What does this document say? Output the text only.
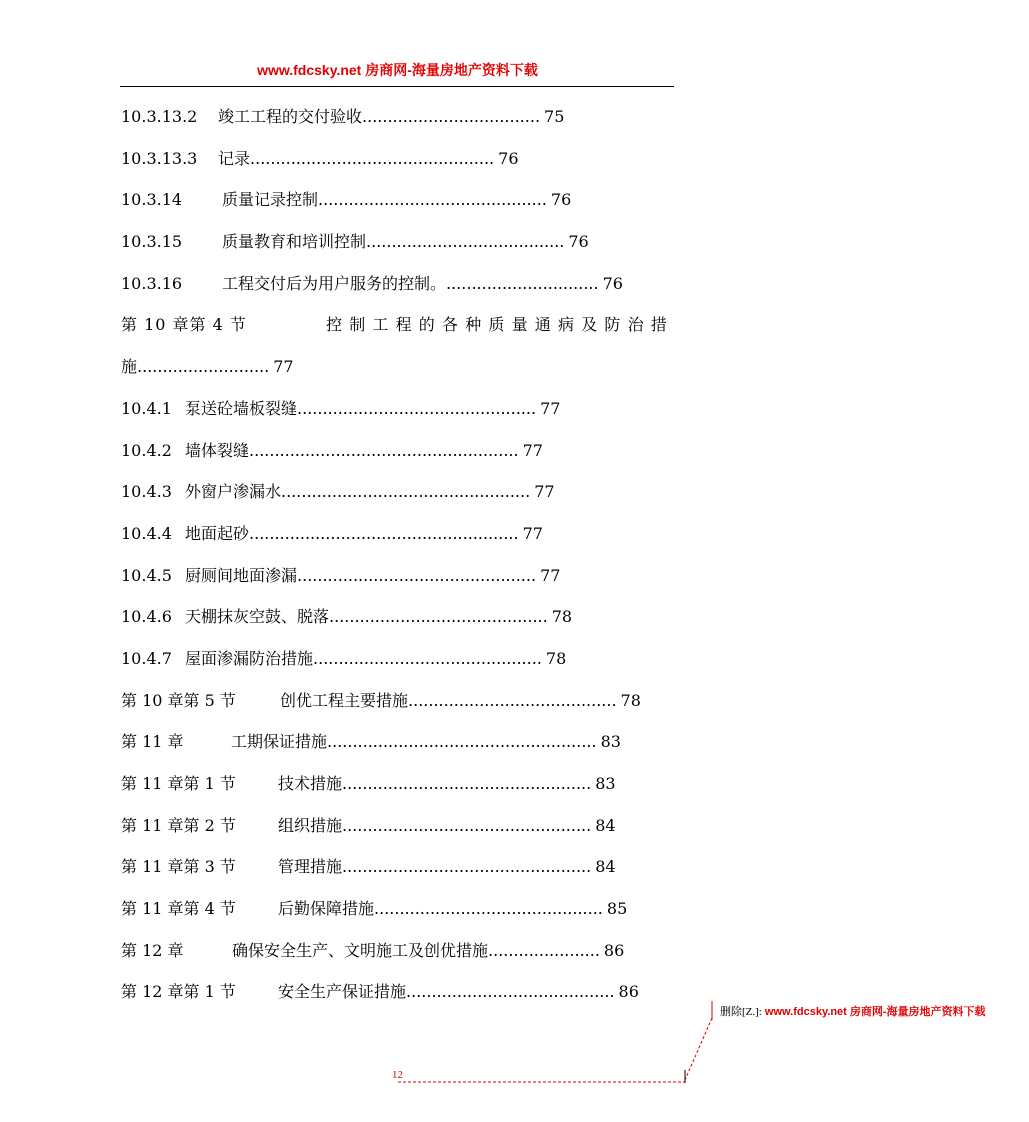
www.fdcsky.net 房商网-海量房地产资料下载
10.3.13.2 竣工工程的交付验收................................... 75
10.3.13.3 记录................................................ 76
10.3.14 质量记录控制............................................. 76
10.3.15 质量教育和培训控制....................................... 76
10.3.16 工程交付后为用户服务的控制。.............................. 76
第 10 章第 4 节	控制工程的各种质量通病及防治措
施.......................... 77
10.4.1 泵送砼墙板裂缝............................................... 77
10.4.2 墙体裂缝..................................................... 77
10.4.3 外窗户渗漏水................................................. 77
10.4.4 地面起砂..................................................... 77
10.4.5 厨厕间地面渗漏............................................... 77
10.4.6 天棚抹灰空鼓、脱落........................................... 78
10.4.7 屋面渗漏防治措施............................................. 78
第 10 章第 5 节	创优工程主要措施......................................... 78
第 11 章	工期保证措施..................................................... 83
第 11 章第 1 节	技术措施................................................. 83
第 11 章第 2 节	组织措施................................................. 84
第 11 章第 3 节	管理措施................................................. 84
第 11 章第 4 节	后勤保障措施............................................. 85
第 12 章	确保安全生产、文明施工及创优措施...................... 86
第 12 章第 1 节	安全生产保证措施......................................... 86
删除[Z.]: www.fdcsky.net 房商网-海量房地产资料下载
12
